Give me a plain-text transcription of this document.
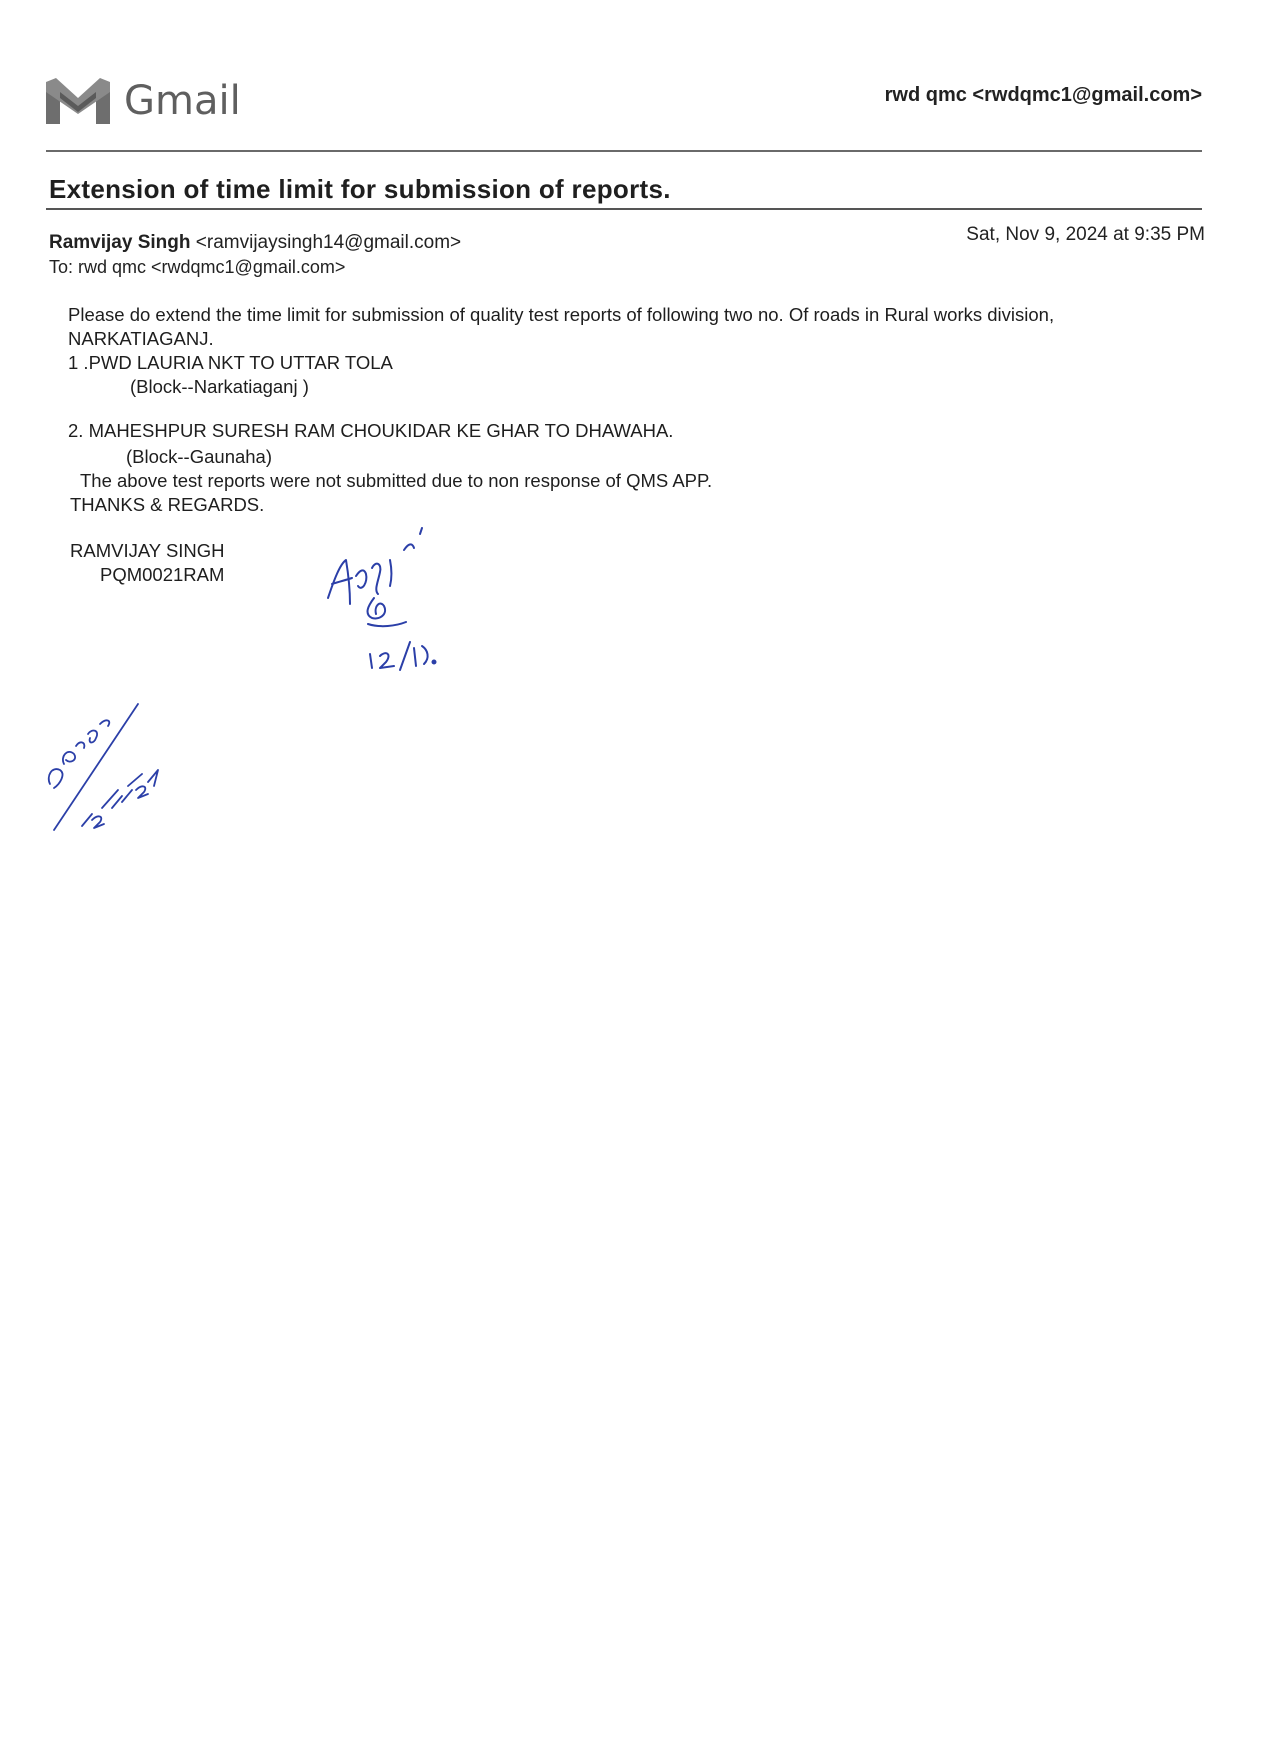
Gmail	rwd qmc <rwdqmc1@gmail.com>
Extension of time limit for submission of reports.
Ramvijay Singh <ramvijaysingh14@gmail.com>	Sat, Nov 9, 2024 at 9:35 PM
To: rwd qmc <rwdqmc1@gmail.com>
Please do extend the time limit for submission of quality test reports of following two no. Of roads in Rural works division,
NARKATIAGANJ.
1 .PWD LAURIA NKT TO UTTAR TOLA
(Block--Narkatiaganj )
2. MAHESHPUR SURESH RAM CHOUKIDAR KE GHAR TO DHAWAHA.
(Block--Gaunaha)
The above test reports were not submitted due to non response of QMS APP.
THANKS & REGARDS.
RAMVIJAY SINGH
PQM0021RAM
